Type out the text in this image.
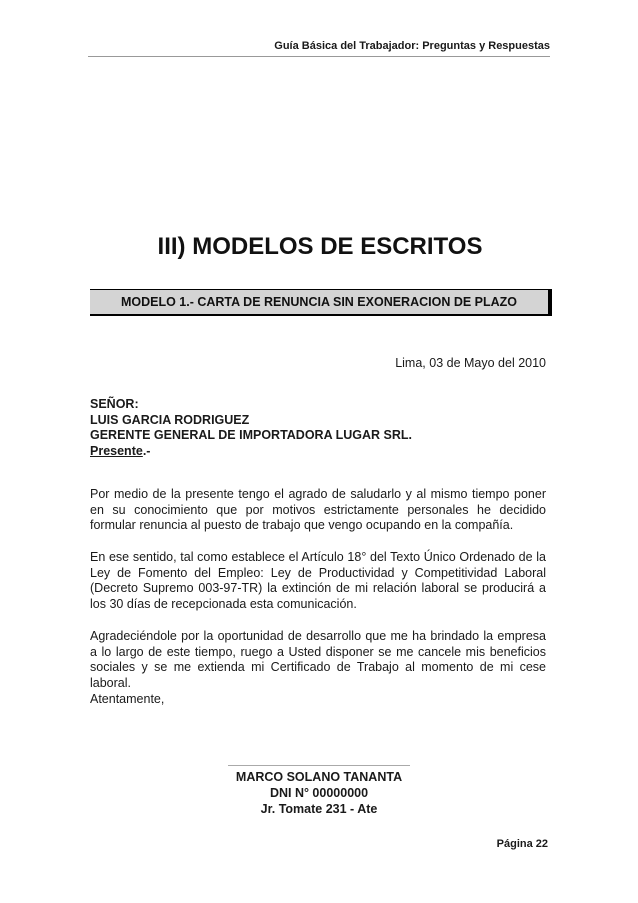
Guía Básica del Trabajador: Preguntas y Respuestas
III) MODELOS DE ESCRITOS
MODELO 1.- CARTA DE RENUNCIA SIN EXONERACION DE PLAZO
Lima, 03 de Mayo del 2010
SEÑOR:
LUIS GARCIA RODRIGUEZ
GERENTE GENERAL DE IMPORTADORA LUGAR SRL.
Presente.-

Por medio de la presente tengo el agrado de saludarlo y al mismo tiempo poner en su conocimiento que por motivos estrictamente personales he decidido formular renuncia al puesto de trabajo que vengo ocupando en la compañía.

En ese sentido, tal como establece el Artículo 18° del Texto Único Ordenado de la Ley de Fomento del Empleo: Ley de Productividad y Competitividad Laboral (Decreto Supremo 003-97-TR) la extinción de mi relación laboral se producirá a los 30 días de recepcionada esta comunicación.

Agradeciéndole por la oportunidad de desarrollo que me ha brindado la empresa a lo largo de este tiempo, ruego a Usted disponer se me cancele mis beneficios sociales y se me extienda mi Certificado de Trabajo al momento de mi cese laboral.

Atentamente,
MARCO SOLANO TANANTA
DNI N° 00000000
Jr. Tomate 231 - Ate
Página 22
